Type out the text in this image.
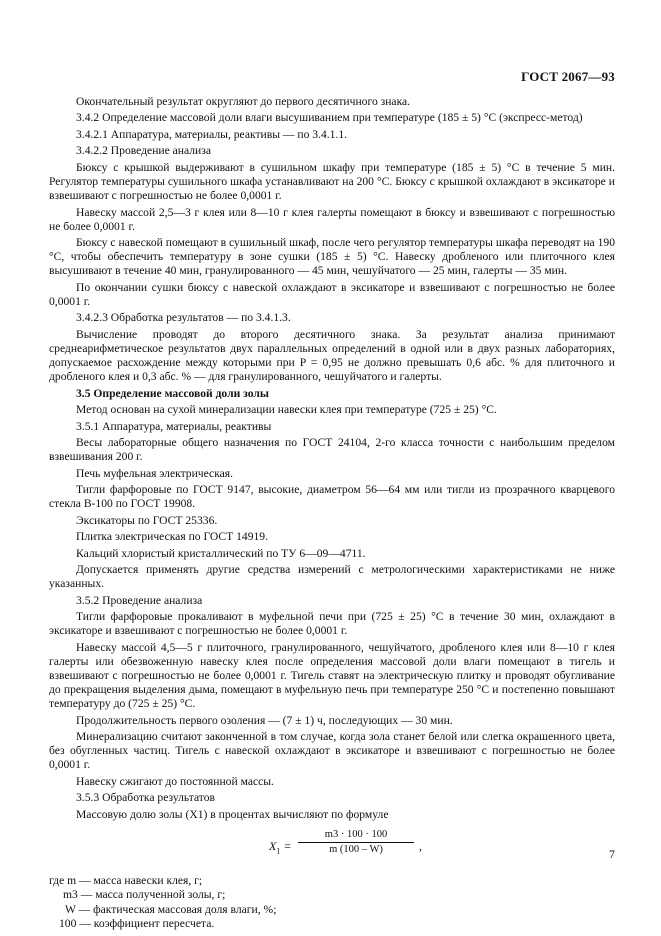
ГОСТ 2067—93

Окончательный результат округляют до первого десятичного знака.

3.4.2 Определение массовой доли влаги высушиванием при температуре (185 ± 5) °С (экспресс-метод)

3.4.2.1 Аппаратура, материалы, реактивы — по 3.4.1.1.

3.4.2.2 Проведение анализа

Бюксу с крышкой выдерживают в сушильном шкафу при температуре (185 ± 5) °С в течение 5 мин. Регулятор температуры сушильного шкафа устанавливают на 200 °С. Бюксу с крышкой охлаждают в эксикаторе и взвешивают с погрешностью не более 0,0001 г.

Навеску массой 2,5—3 г клея или 8—10 г клея галерты помещают в бюксу и взвешивают с погрешностью не более 0,0001 г.

Бюксу с навеской помещают в сушильный шкаф, после чего регулятор температуры шкафа переводят на 190 °С, чтобы обеспечить температуру в зоне сушки (185 ± 5) °С. Навеску дробленого или плиточного клея высушивают в течение 40 мин, гранулированного — 45 мин, чешуйчатого — 25 мин, галерты — 35 мин.

По окончании сушки бюксу с навеской охлаждают в эксикаторе и взвешивают с погрешностью не более 0,0001 г.

3.4.2.3 Обработка результатов — по 3.4.1.3.

Вычисление проводят до второго десятичного знака. За результат анализа принимают среднеарифметическое результатов двух параллельных определений в одной или в двух разных лабораториях, допускаемое расхождение между которыми при P = 0,95 не должно превышать 0,6 абс. % для плиточного и дробленого клея и 0,3 абс. % — для гранулированного, чешуйчатого и галерты.

3.5 Определение массовой доли золы

Метод основан на сухой минерализации навески клея при температуре (725 ± 25) °С.

3.5.1 Аппаратура, материалы, реактивы

Весы лабораторные общего назначения по ГОСТ 24104, 2-го класса точности с наибольшим пределом взвешивания 200 г.

Печь муфельная электрическая.

Тигли фарфоровые по ГОСТ 9147, высокие, диаметром 56—64 мм или тигли из прозрачного кварцевого стекла В-100 по ГОСТ 19908.

Эксикаторы по ГОСТ 25336.

Плитка электрическая по ГОСТ 14919.

Кальций хлористый кристаллический по ТУ 6—09—4711.

Допускается применять другие средства измерений с метрологическими характеристиками не ниже указанных.

3.5.2 Проведение анализа

Тигли фарфоровые прокаливают в муфельной печи при (725 ± 25) °С в течение 30 мин, охлаждают в эксикаторе и взвешивают с погрешностью не более 0,0001 г.

Навеску массой 4,5—5 г плиточного, гранулированного, чешуйчатого, дробленого клея или 8—10 г клея галерты или обезвоженную навеску клея после определения массовой доли влаги помещают в тигель и взвешивают с погрешностью не более 0,0001 г. Тигель ставят на электрическую плитку и проводят обугливание до прекращения выделения дыма, помещают в муфельную печь при температуре 250 °С и постепенно повышают температуру до (725 ± 25) °С.

Продолжительность первого озоления — (7 ± 1) ч, последующих — 30 мин.

Минерализацию считают законченной в том случае, когда зола станет белой или слегка окрашенного цвета, без обугленных частиц. Тигель с навеской охлаждают в эксикаторе и взвешивают с погрешностью не более 0,0001 г.

Навеску сжигают до постоянной массы.

3.5.3 Обработка результатов

Массовую долю золы (X1) в процентах вычисляют по формуле

$X_1 = \frac{m3 \cdot 100 \cdot 100}{m (100 - W)}$ ,
где m — масса навески клея, г;
m3 — масса полученной золы, г;
W — фактическая массовая доля влаги, %;
100 — коэффициент пересчета.
7
